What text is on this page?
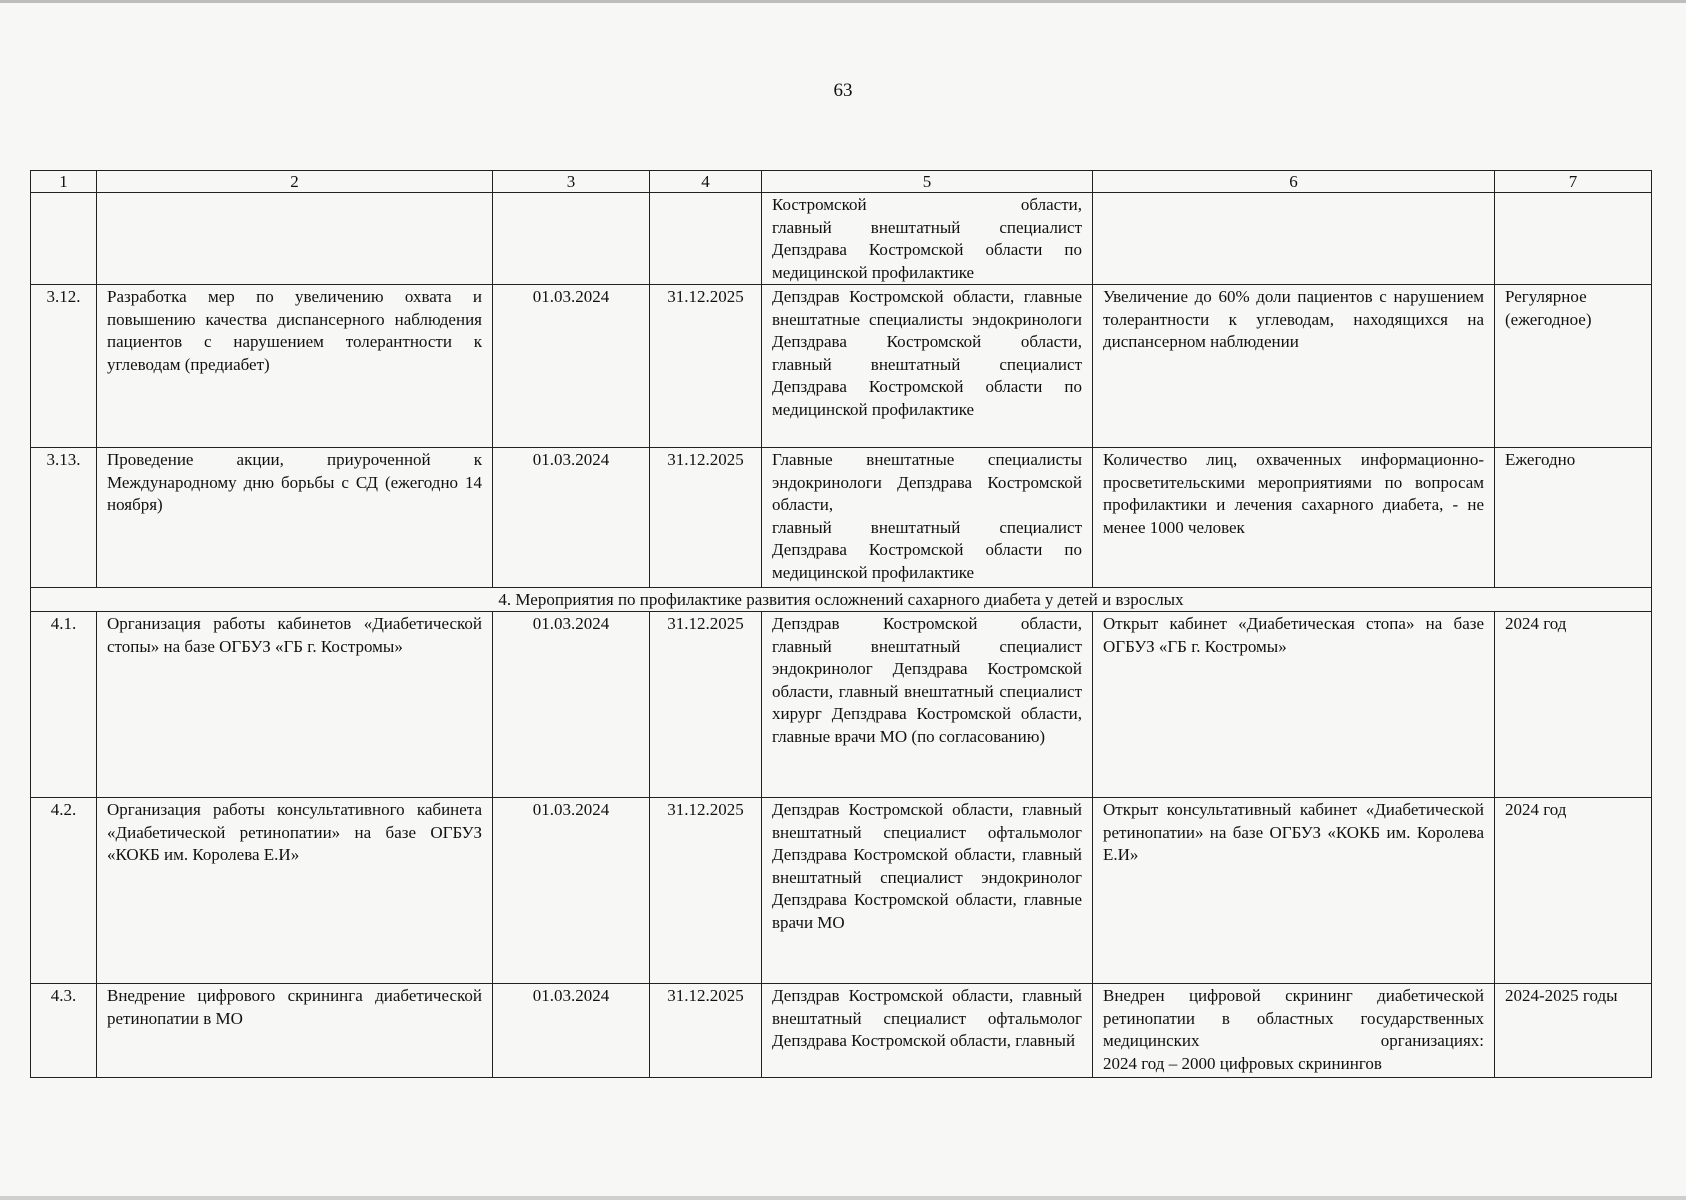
63
1	2	3	4	5	6	7

				Костромской области,
главный внештатный специалист Депздрава Костромской области по медицинской профилактике		

3.12.	Разработка мер по увеличению охвата и повышению качества диспансерного наблюдения пациентов с нарушением толерантности к углеводам (предиабет)	01.03.2024	31.12.2025	Депздрав Костромской области, главные внештатные специалисты эндокринологи Депздрава Костромской области,
главный внештатный специалист Депздрава Костромской области по медицинской профилактике	Увеличение до 60% доли пациентов с нарушением толерантности к углеводам, находящихся на диспансерном наблюдении	Регулярное (ежегодное)
3.13.	Проведение акции, приуроченной к Международному дню борьбы с СД (ежегодно 14 ноября)	01.03.2024	31.12.2025	Главные внештатные специалисты эндокринологи Депздрава Костромской области,
главный внештатный специалист Депздрава Костромской области по медицинской профилактике	Количество лиц, охваченных информационно-просветительскими мероприятиями по вопросам профилактики и лечения сахарного диабета, - не менее 1000 человек	Ежегодно
4. Мероприятия по профилактике развития осложнений сахарного диабета у детей и взрослых						
4.1.	Организация работы кабинетов «Диабетической стопы» на базе ОГБУЗ «ГБ г. Костромы»	01.03.2024	31.12.2025	Депздрав Костромской области,
главный внештатный специалист эндокринолог Депздрава Костромской области, главный внештатный специалист хирург Депздрава Костромской области, главные врачи МО (по согласованию)	Открыт кабинет «Диабетическая стопа» на базе ОГБУЗ «ГБ г. Костромы»	2024 год
4.2.	Организация работы консультативного кабинета «Диабетической ретинопатии» на базе ОГБУЗ «КОКБ им. Королева Е.И»	01.03.2024	31.12.2025	Депздрав Костромской области, главный внештатный специалист офтальмолог Депздрава Костромской области, главный внештатный специалист эндокринолог Депздрава Костромской области, главные врачи МО	Открыт консультативный кабинет «Диабетической ретинопатии» на базе ОГБУЗ «КОКБ им. Королева Е.И»	2024 год
4.3.	Внедрение цифрового скрининга диабетической ретинопатии в МО	01.03.2024	31.12.2025	Депздрав Костромской области, главный внештатный специалист офтальмолог Депздрава Костромской области, главный	Внедрен цифровой скрининг диабетической ретинопатии в областных государственных медицинских организациях:
2024 год – 2000 цифровых скринингов	2024-2025 годы
